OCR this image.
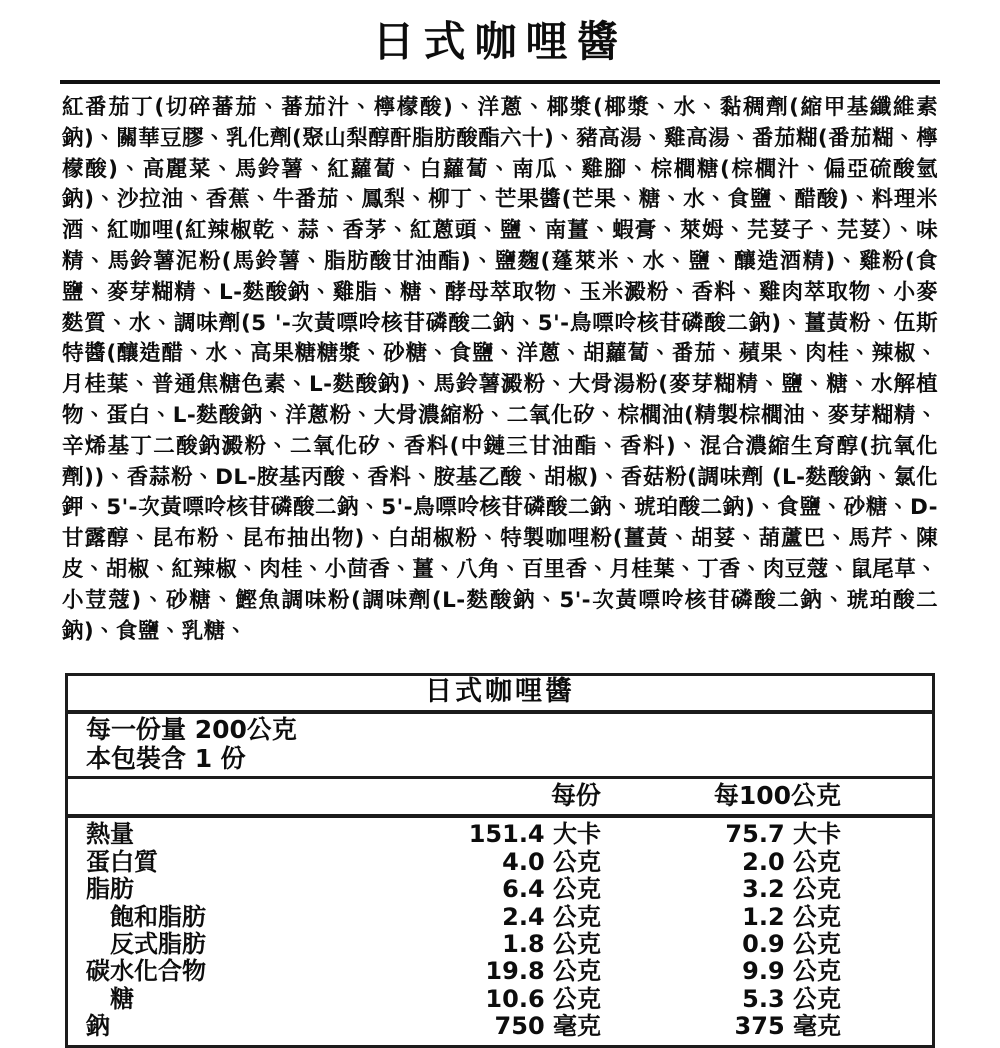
日式咖哩醬
紅番茄丁(切碎蕃茄、蕃茄汁、檸檬酸)、洋蔥、椰漿(椰漿、水、黏稠劑(縮甲基纖維素鈉)、關華豆膠、乳化劑(聚山梨醇酐脂肪酸酯六十)、豬高湯、雞高湯、番茄糊(番茄糊、檸檬酸)、高麗菜、馬鈴薯、紅蘿蔔、白蘿蔔、南瓜、雞腳、棕櫚糖(棕櫚汁、偏亞硫酸氫鈉)、沙拉油、香蕉、牛番茄、鳳梨、柳丁、芒果醬(芒果、糖、水、食鹽、醋酸)、料理米酒、紅咖哩(紅辣椒乾、蒜、香茅、紅蔥頭、鹽、南薑、蝦膏、萊姆、芫荽子、芫荽）、味精、馬鈴薯泥粉(馬鈴薯、脂肪酸甘油酯)、鹽麴(蓬萊米、水、鹽、釀造酒精)、雞粉(食鹽、麥芽糊精、L-麩酸鈉、雞脂、糖、酵母萃取物、玉米澱粉、香料、雞肉萃取物、小麥麩質、水、調味劑(5 '-次黃嘌呤核苷磷酸二鈉、5'-鳥嘌呤核苷磷酸二鈉)、薑黃粉、伍斯特醬(釀造醋、水、高果糖糖漿、砂糖、食鹽、洋蔥、胡蘿蔔、番茄、蘋果、肉桂、辣椒、月桂葉、普通焦糖色素、L-麩酸鈉)、馬鈴薯澱粉、大骨湯粉(麥芽糊精、鹽、糖、水解植物、蛋白、L-麩酸鈉、洋蔥粉、大骨濃縮粉、二氧化矽、棕櫚油(精製棕櫚油、麥芽糊精、辛烯基丁二酸鈉澱粉、二氧化矽、香料(中鏈三甘油酯、香料)、混合濃縮生育醇(抗氧化劑))、香蒜粉、DL-胺基丙酸、香料、胺基乙酸、胡椒)、香菇粉(調味劑 (L-麩酸鈉、氯化鉀、5'-次黃嘌呤核苷磷酸二鈉、5'-鳥嘌呤核苷磷酸二鈉、琥珀酸二鈉)、食鹽、砂糖、D-甘露醇、昆布粉、昆布抽出物)、白胡椒粉、特製咖哩粉(薑黃、胡荽、葫蘆巴、馬芹、陳皮、胡椒、紅辣椒、肉桂、小茴香、薑、八角、百里香、月桂葉、丁香、肉豆蔻、鼠尾草、小荳蔻)、砂糖、鰹魚調味粉(調味劑(L-麩酸鈉、5'-次黃嘌呤核苷磷酸二鈉、琥珀酸二鈉)、食鹽、乳糖、
日式咖哩醬
每一份量 200公克
本包裝含 1 份
每份	每100公克
熱量	151.4 大卡	75.7 大卡
蛋白質	4.0 公克	2.0 公克
脂肪	6.4 公克	3.2 公克
飽和脂肪	2.4 公克	1.2 公克
反式脂肪	1.8 公克	0.9 公克
碳水化合物	19.8 公克	9.9 公克
糖	10.6 公克	5.3 公克
鈉	750 毫克	375 毫克
